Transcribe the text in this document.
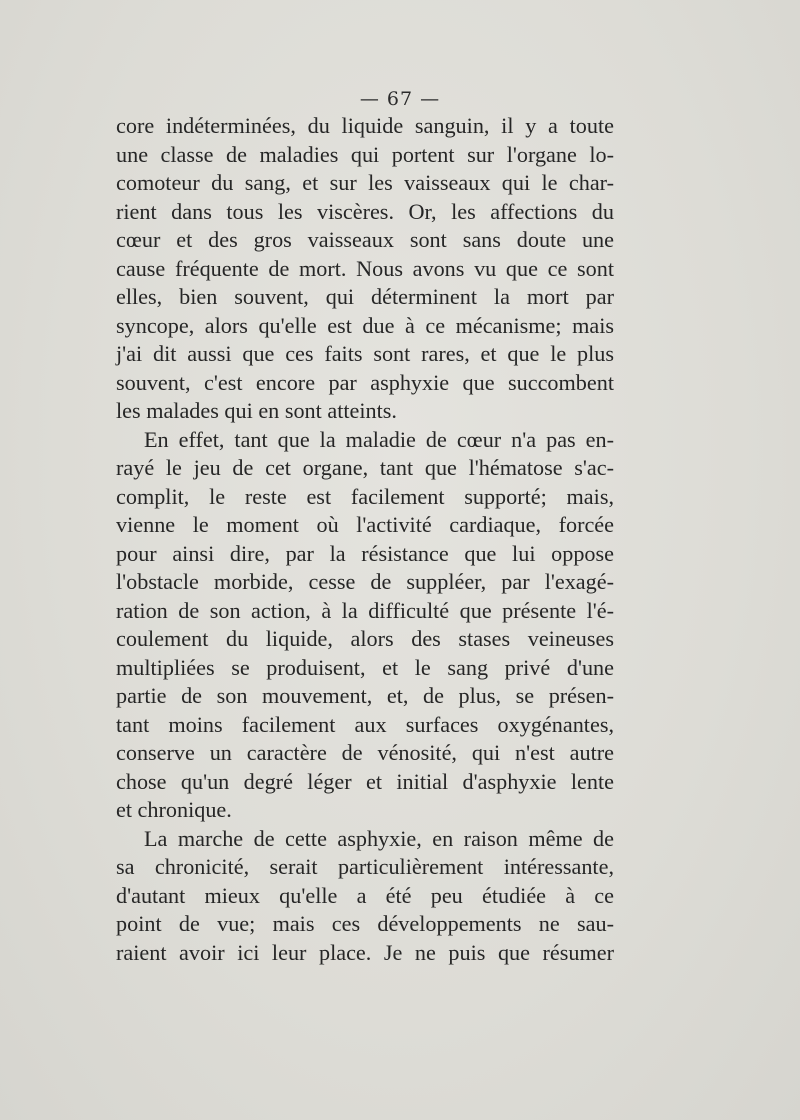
— 67 —
core indéterminées, du liquide sanguin, il y a toute
une classe de maladies qui portent sur l'organe lo-
comoteur du sang, et sur les vaisseaux qui le char-
rient dans tous les viscères. Or, les affections du
cœur et des gros vaisseaux sont sans doute une
cause fréquente de mort. Nous avons vu que ce sont
elles, bien souvent, qui déterminent la mort par
syncope, alors qu'elle est due à ce mécanisme; mais
j'ai dit aussi que ces faits sont rares, et que le plus
souvent, c'est encore par asphyxie que succombent
les malades qui en sont atteints.
En effet, tant que la maladie de cœur n'a pas en-
rayé le jeu de cet organe, tant que l'hématose s'ac-
complit, le reste est facilement supporté; mais,
vienne le moment où l'activité cardiaque, forcée
pour ainsi dire, par la résistance que lui oppose
l'obstacle morbide, cesse de suppléer, par l'exagé-
ration de son action, à la difficulté que présente l'é-
coulement du liquide, alors des stases veineuses
multipliées se produisent, et le sang privé d'une
partie de son mouvement, et, de plus, se présen-
tant moins facilement aux surfaces oxygénantes,
conserve un caractère de vénosité, qui n'est autre
chose qu'un degré léger et initial d'asphyxie lente
et chronique.
La marche de cette asphyxie, en raison même de
sa chronicité, serait particulièrement intéressante,
d'autant mieux qu'elle a été peu étudiée à ce
point de vue; mais ces développements ne sau-
raient avoir ici leur place. Je ne puis que résumer
